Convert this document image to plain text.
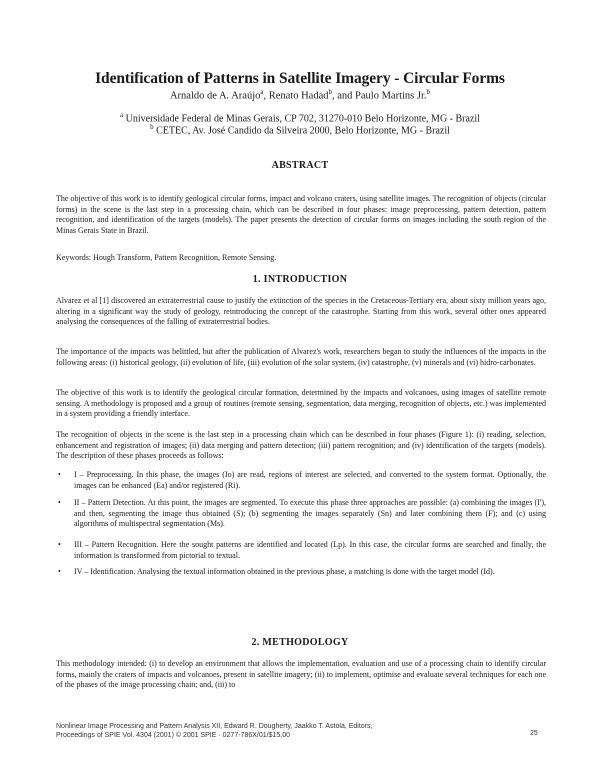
Identification of Patterns in Satellite Imagery - Circular Forms
Arnaldo de A. Araújo$^a$, Renato Hadad$^b$, and Paulo Martins Jr.$^b$
$^a$ Universidade Federal de Minas Gerais, CP 702, 31270-010 Belo Horizonte, MG - Brazil
$^b$ CETEC, Av. José Candido da Silveira 2000, Belo Horizonte, MG - Brazil
ABSTRACT

The objective of this work is to identify geological circular forms, impact and volcano craters, using satellite images. The recognition of objects (circular forms) in the scene is the last step in a processing chain, which can be described in four phases: image preprocessing, pattern detection, pattern recognition, and identification of the targets (models). The paper presents the detection of circular forms on images including the south region of the Minas Gerais State in Brazil.

Keywords: Hough Transform, Pattern Recognition, Remote Sensing.
1. INTRODUCTION

Alvarez et al [1] discovered an extraterrestrial cause to justify the extinction of the species in the Cretaceous-Tertiary era, about sixty million years ago, altering in a significant way the study of geology, reintroducing the concept of the catastrophe. Starting from this work, several other ones appeared analysing the consequences of the falling of extraterrestrial bodies.

The importance of the impacts was belittled, but after the publication of Alvarez's work, researchers began to study the influences of the impacts in the following areas: (i) historical geology, (ii) evolution of life, (iii) evolution of the solar system, (iv) catastrophe, (v) minerals and (vi) hidro-carbonates.

The objective of this work is to identify the geological circular formation, determined by the impacts and volcanoes, using images of satellite remote sensing. A methodology is proposed and a group of routines (remote sensing, segmentation, data merging, recognition of objects, etc.) was implemented in a system providing a friendly interface.

The recognition of objects in the scene is the last step in a processing chain which can be described in four phases (Figure 1): (i) reading, selection, enhancement and registration of images; (ii) data merging and pattern detection; (iii) pattern recognition; and (iv) identification of the targets (models). The description of these phases proceeds as follows:

• I – Preprocessing. In this phase, the images (Io) are read, regions of interest are selected, and converted to the system format. Optionally, the images can be enhanced (Ea) and/or registered (Ri).
• II – Pattern Detection. At this point, the images are segmented. To execute this phase three approaches are possible: (a) combining the images (I'), and then, segmenting the image thus obtained (S); (b) segmenting the images separately (Sn) and later combining them (F); and (c) using algorithms of multispectral segmentation (Ms).
• III – Pattern Recognition. Here the sought patterns are identified and located (Lp). In this case, the circular forms are searched and finally, the information is transformed from pictorial to textual.
• IV – Identification. Analysing the textual information obtained in the previous phase, a matching is done with the target model (Id).
2. METHODOLOGY

This methodology intended: (i) to develop an environment that allows the implementation, evaluation and use of a processing chain to identify circular forms, mainly the craters of impacts and volcanoes, present in satellite imagery; (ii) to implement, optimise and evaluate several techniques for each one of the phases of the image processing chain; and, (iii) to

Nonlinear Image Processing and Pattern Analysis XII, Edward R. Dougherty, Jaakko T. Astola, Editors,
Proceedings of SPIE Vol. 4304 (2001) © 2001 SPIE · 0277-786X/01/$15.00	25
